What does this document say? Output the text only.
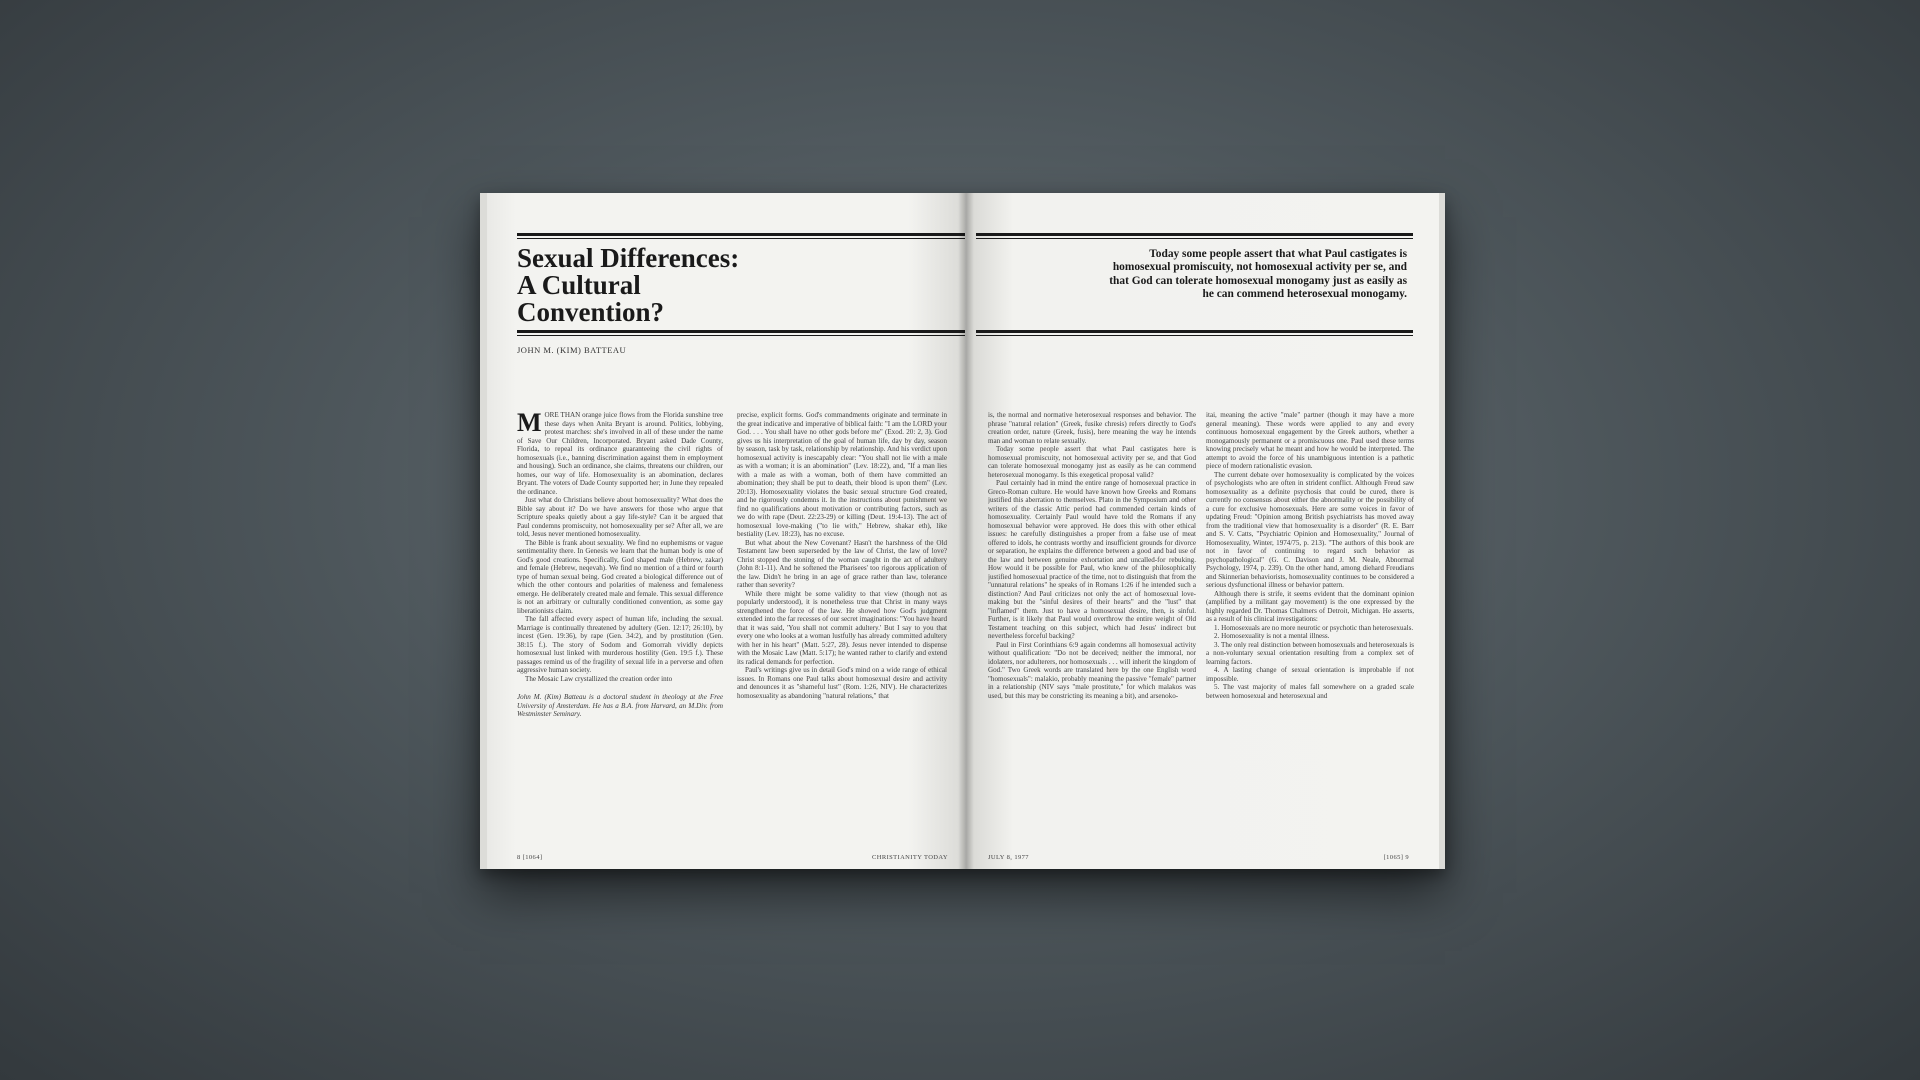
Sexual Differences:
A Cultural
Convention?
JOHN M. (KIM) BATTEAU

MORE THAN orange juice flows from the Florida sunshine tree these days when Anita Bryant is around. Politics, lobbying, protest marches: she's involved in all of these under the name of Save Our Children, Incorporated. Bryant asked Dade County, Florida, to repeal its ordinance guaranteeing the civil rights of homosexuals (i.e., banning discrimination against them in employment and housing). Such an ordinance, she claims, threatens our children, our homes, our way of life. Homosexuality is an abomination, declares Bryant. The voters of Dade County supported her; in June they repealed the ordinance.

Just what do Christians believe about homosexuality? What does the Bible say about it? Do we have answers for those who argue that Scripture speaks quietly about a gay life-style? Can it be argued that Paul condemns promiscuity, not homosexuality per se? After all, we are told, Jesus never mentioned homosexuality.

The Bible is frank about sexuality. We find no euphemisms or vague sentimentality there. In Genesis we learn that the human body is one of God's good creations. Specifically, God shaped male (Hebrew, zakar) and female (Hebrew, neqevah). We find no mention of a third or fourth type of human sexual being. God created a biological difference out of which the other contours and polarities of maleness and femaleness emerge. He deliberately created male and female. This sexual difference is not an arbitrary or culturally conditioned convention, as some gay liberationists claim.

The fall affected every aspect of human life, including the sexual. Marriage is continually threatened by adultery (Gen. 12:17; 26:10), by incest (Gen. 19:36), by rape (Gen. 34:2), and by prostitution (Gen. 38:15 f.). The story of Sodom and Gomorrah vividly depicts homosexual lust linked with murderous hostility (Gen. 19:5 f.). These passages remind us of the fragility of sexual life in a perverse and often aggressive human society.

The Mosaic Law crystallized the creation order into

John M. (Kim) Batteau is a doctoral student in theology at the Free University of Amsterdam. He has a B.A. from Harvard, an M.Div. from Westminster Seminary.

precise, explicit forms. God's commandments originate and terminate in the great indicative and imperative of biblical faith: "I am the LORD your God. . . . You shall have no other gods before me" (Exod. 20: 2, 3). God gives us his interpretation of the goal of human life, day by day, season by season, task by task, relationship by relationship. And his verdict upon homosexual activity is inescapably clear: "You shall not lie with a male as with a woman; it is an abomination" (Lev. 18:22), and, "If a man lies with a male as with a woman, both of them have committed an abomination; they shall be put to death, their blood is upon them" (Lev. 20:13). Homosexuality violates the basic sexual structure God created, and he rigorously condemns it. In the instructions about punishment we find no qualifications about motivation or contributing factors, such as we do with rape (Deut. 22:23-29) or killing (Deut. 19:4-13). The act of homosexual love-making ("to lie with," Hebrew, shakar eth), like bestiality (Lev. 18:23), has no excuse.

But what about the New Covenant? Hasn't the harshness of the Old Testament law been superseded by the law of Christ, the law of love? Christ stopped the stoning of the woman caught in the act of adultery (John 8:1-11). And he softened the Pharisees' too rigorous application of the law. Didn't he bring in an age of grace rather than law, tolerance rather than severity?

While there might be some validity to that view (though not as popularly understood), it is nonetheless true that Christ in many ways strengthened the force of the law. He showed how God's judgment extended into the far recesses of our secret imaginations: "You have heard that it was said, 'You shall not commit adultery.' But I say to you that every one who looks at a woman lustfully has already committed adultery with her in his heart" (Matt. 5:27, 28). Jesus never intended to dispense with the Mosaic Law (Matt. 5:17); he wanted rather to clarify and extend its radical demands for perfection.

Paul's writings give us in detail God's mind on a wide range of ethical issues. In Romans one Paul talks about homosexual desire and activity and denounces it as "shameful lust" (Rom. 1:26, NIV). He characterizes homosexuality as abandoning "natural relations," that

8 [1064]	CHRISTIANITY TODAY
Today some people assert that what Paul castigates is homosexual promiscuity, not homosexual activity per se, and that God can tolerate homosexual monogamy just as easily as he can commend heterosexual monogamy.

is, the normal and normative heterosexual responses and behavior. The phrase "natural relation" (Greek, fusike chresis) refers directly to God's creation order, nature (Greek, fusis), here meaning the way he intends man and woman to relate sexually.

Today some people assert that what Paul castigates here is homosexual promiscuity, not homosexual activity per se, and that God can tolerate homosexual monogamy just as easily as he can commend heterosexual monogamy. Is this exegetical proposal valid?

Paul certainly had in mind the entire range of homosexual practice in Greco-Roman culture. He would have known how Greeks and Romans justified this aberration to themselves. Plato in the Symposium and other writers of the classic Attic period had commended certain kinds of homosexuality. Certainly Paul would have told the Romans if any homosexual behavior were approved. He does this with other ethical issues: he carefully distinguishes a proper from a false use of meat offered to idols, he contrasts worthy and insufficient grounds for divorce or separation, he explains the difference between a good and bad use of the law and between genuine exhortation and uncalled-for rebuking. How would it be possible for Paul, who knew of the philosophically justified homosexual practice of the time, not to distinguish that from the "unnatural relations" he speaks of in Romans 1:26 if he intended such a distinction? And Paul criticizes not only the act of homosexual love-making but the "sinful desires of their hearts" and the "lust" that "inflamed" them. Just to have a homosexual desire, then, is sinful. Further, is it likely that Paul would overthrow the entire weight of Old Testament teaching on this subject, which had Jesus' indirect but nevertheless forceful backing?

Paul in First Corinthians 6:9 again condemns all homosexual activity without qualification: "Do not be deceived; neither the immoral, nor idolaters, nor adulterers, nor homosexuals . . . will inherit the kingdom of God." Two Greek words are translated here by the one English word "homosexuals": malakio, probably meaning the passive "female" partner in a relationship (NIV says "male prostitute," for which malakos was used, but this may be constricting its meaning a bit), and arsenoko-

itai, meaning the active "male" partner (though it may have a more general meaning). These words were applied to any and every continuous homosexual engagement by the Greek authors, whether a monogamously permanent or a promiscuous one. Paul used these terms knowing precisely what he meant and how he would be interpreted. The attempt to avoid the force of his unambiguous intention is a pathetic piece of modern rationalistic evasion.

The current debate over homosexuality is complicated by the voices of psychologists who are often in strident conflict. Although Freud saw homosexuality as a definite psychosis that could be cured, there is currently no consensus about either the abnormality or the possibility of a cure for exclusive homosexuals. Here are some voices in favor of updating Freud: "Opinion among British psychiatrists has moved away from the traditional view that homosexuality is a disorder" (R. E. Barr and S. V. Catts, "Psychiatric Opinion and Homosexuality," Journal of Homosexuality, Winter, 1974/75, p. 213). "The authors of this book are not in favor of continuing to regard such behavior as psychopathological" (G. C. Davison and J. M. Neale, Abnormal Psychology, 1974, p. 239). On the other hand, among diehard Freudians and Skinnerian behaviorists, homosexuality continues to be considered a serious dysfunctional illness or behavior pattern.

Although there is strife, it seems evident that the dominant opinion (amplified by a militant gay movement) is the one expressed by the highly regarded Dr. Thomas Chalmers of Detroit, Michigan. He asserts, as a result of his clinical investigations:

1. Homosexuals are no more neurotic or psychotic than heterosexuals.

2. Homosexuality is not a mental illness.

3. The only real distinction between homosexuals and heterosexuals is a non-voluntary sexual orientation resulting from a complex set of learning factors.

4. A lasting change of sexual orientation is improbable if not impossible.

5. The vast majority of males fall somewhere on a graded scale between homosexual and heterosexual and

JULY 8, 1977	[1065] 9
